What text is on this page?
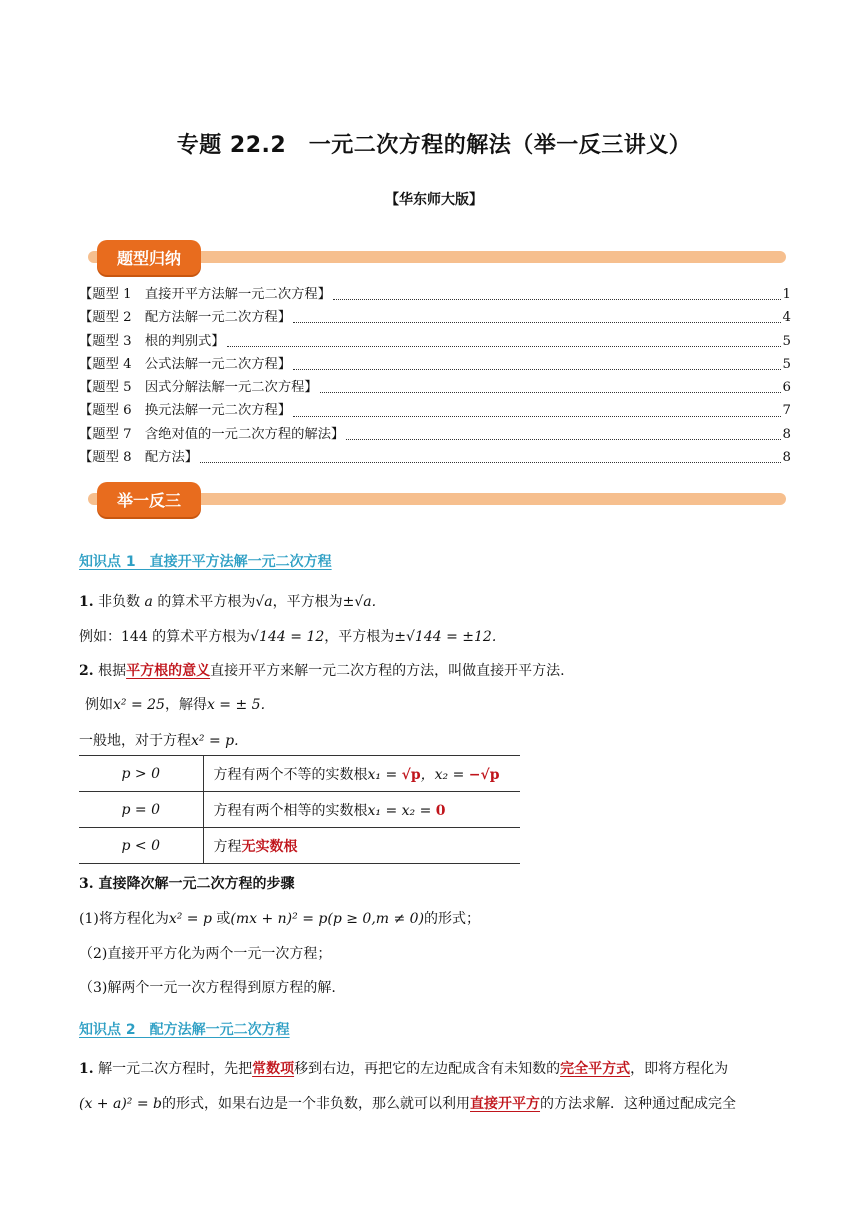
专题 22.2　一元二次方程的解法（举一反三讲义）
【华东师大版】
题型归纳
【题型 1　直接开平方法解一元二次方程】	1
【题型 2　配方法解一元二次方程】	4
【题型 3　根的判别式】	5
【题型 4　公式法解一元二次方程】	5
【题型 5　因式分解法解一元二次方程】	6
【题型 6　换元法解一元二次方程】	7
【题型 7　含绝对值的一元二次方程的解法】	8
【题型 8　配方法】	8
举一反三
知识点 1　直接开平方法解一元二次方程
1. 非负数 a 的算术平方根为√a，平方根为±√a.
例如：144 的算术平方根为√144 = 12，平方根为±√144 = ±12.
2. 根据平方根的意义直接开平方来解一元二次方程的方法，叫做直接开平方法.
例如x² = 25，解得x = ± 5.
一般地，对于方程x² = p.
p > 0	方程有两个不等的实数根x₁ = √p，x₂ = −√p
p = 0	方程有两个相等的实数根x₁ = x₂ = 0
p < 0	方程无实数根
3. 直接降次解一元二次方程的步骤
(1)将方程化为x² = p 或(mx + n)² = p(p ≥ 0,m ≠ 0)的形式；
（2)直接开平方化为两个一元一次方程；
（3)解两个一元一次方程得到原方程的解.
知识点 2　配方法解一元二次方程
1. 解一元二次方程时，先把常数项移到右边，再把它的左边配成含有未知数的完全平方式，即将方程化为
(x + a)² = b的形式，如果右边是一个非负数，那么就可以利用直接开平方的方法求解．这种通过配成完全
